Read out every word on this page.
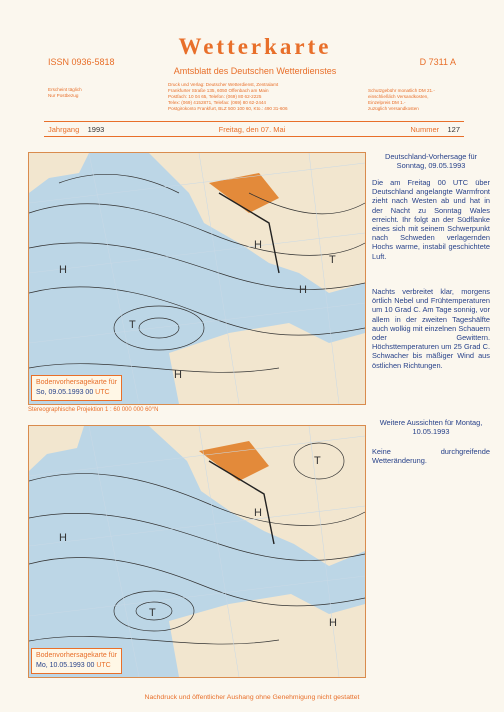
ISSN 0936-5818
Wetterkarte
D 7311 A
Amtsblatt des Deutschen Wetterdienstes
Erscheint täglich
Nur Postbezug
Druck und Verlag: Deutscher Wetterdienst, Zentralamt
Frankfurter Straße 135, 6050 Offenbach am Main
Postfach: 10 04 65, Telefon: (069) 80 62-2225
Telex: (069) 4152871, Telefax: (069) 80 62-2444
Postgirokonto Frankfurt, BLZ 500 100 60, Kto.: 490 31-606
Schutzgebühr monatlich DM 21.-
einschließlich Versandkosten,
Einzelpreis DM 1.-
zuzüglich Versandkosten
Jahrgang 1993	Freitag, den 07. Mai	Nummer 127
H
H
H
H
T
T
Bodenvorhersagekarte für
So, 09.05.1993 00 UTC
Stereographische Projektion 1 : 60 000 000 60°N
H
H
H
T
T
Bodenvorhersagekarte für
Mo, 10.05.1993 00 UTC
Deutschland-Vorhersage für Sonntag, 09.05.1993
Die am Freitag 00 UTC über Deutschland angelangte Warmfront zieht nach Westen ab und hat in der Nacht zu Sonntag Wales erreicht. Ihr folgt an der Südflanke eines sich mit seinem Schwerpunkt nach Schweden verlagernden Hochs warme, instabil geschichtete Luft.
Nachts verbreitet klar, morgens örtlich Nebel und Frühtemperaturen um 10 Grad C. Am Tage sonnig, vor allem in der zweiten Tageshälfte auch wolkig mit einzelnen Schauern oder Gewittern. Höchsttemperaturen um 25 Grad C. Schwacher bis mäßiger Wind aus östlichen Richtungen.
Weitere Aussichten für Montag, 10.05.1993
Keine durchgreifende Wetteränderung.
Nachdruck und öffentlicher Aushang ohne Genehmigung nicht gestattet
